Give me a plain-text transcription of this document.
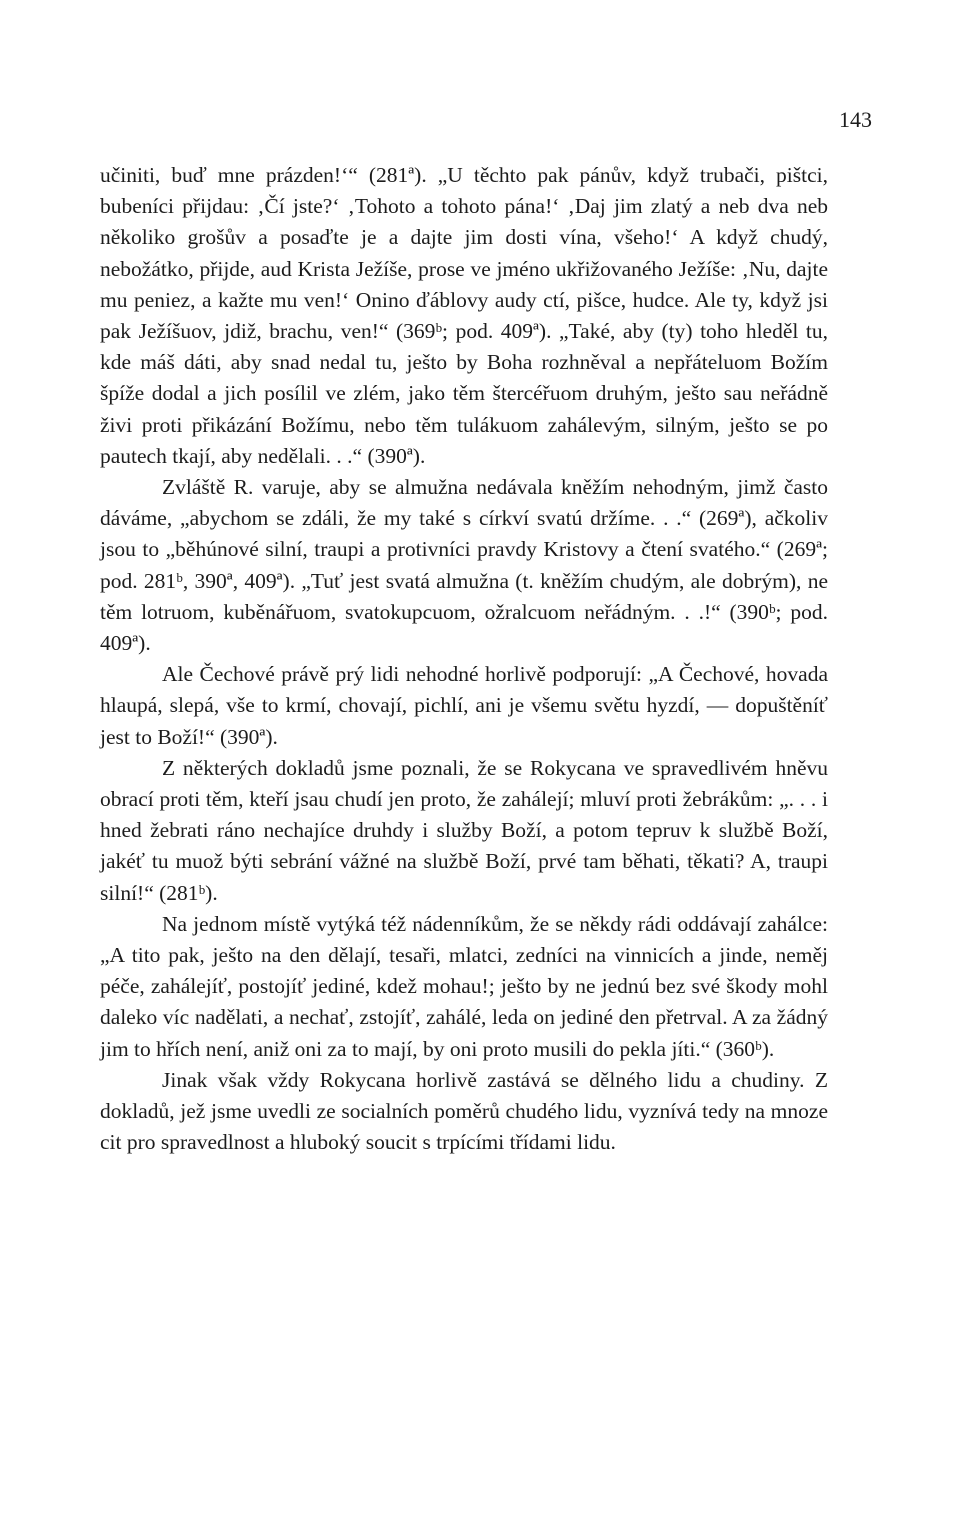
143

učiniti, buď mne prázden!‘“ (281ª). „U těchto pak pánův, když trubači, pištci, bubeníci přijdau: ‚Čí jste?‘ ‚Tohoto a tohoto pána!‘ ‚Daj jim zlatý a neb dva neb několiko grošův a posaďte je a dajte jim dosti vína, všeho!‘ A když chudý, nebožátko, přijde, aud Krista Ježíše, prose ve jméno ukřižovaného Ježíše: ‚Nu, dajte mu peniez, a kažte mu ven!‘ Onino ďáblovy audy ctí, pišce, hudce. Ale ty, když jsi pak Ježíšuov, jdiž, brachu, ven!“ (369ᵇ; pod. 409ª). „Také, aby (ty) toho hleděl tu, kde máš dáti, aby snad nedal tu, ješto by Boha rozhněval a nepřáteluom Božím špíže dodal a jich posílil ve zlém, jako těm štercéřuom druhým, ješto sau neřádně živi proti přikázání Božímu, nebo těm tulákuom zahálevým, silným, ješto se po pautech tkají, aby nedělali. . .“ (390ª).

Zvláště R. varuje, aby se almužna nedávala kněžím nehodným, jimž často dáváme, „abychom se zdáli, že my také s církví svatú držíme. . .“ (269ª), ačkoliv jsou to „běhúnové silní, traupi a protivníci pravdy Kristovy a čtení svatého.“ (269ª; pod. 281ᵇ, 390ª, 409ª). „Tuť jest svatá almužna (t. kněžím chudým, ale dobrým), ne těm lotruom, kuběnářuom, svatokupcuom, ožralcuom neřádným. . .!“ (390ᵇ; pod. 409ª).

Ale Čechové právě prý lidi nehodné horlivě podporují: „A Čechové, hovada hlaupá, slepá, vše to krmí, chovají, pichlí, ani je všemu světu hyzdí, — dopuštěníť jest to Boží!“ (390ª).

Z některých dokladů jsme poznali, že se Rokycana ve spravedlivém hněvu obrací proti těm, kteří jsau chudí jen proto, že zahálejí; mluví proti žebrákům: „. . . i hned žebrati ráno nechajíce druhdy i služby Boží, a potom tepruv k službě Boží, jakéť tu muož býti sebrání vážné na službě Boží, prvé tam běhati, těkati? A, traupi silní!“ (281ᵇ).

Na jednom místě vytýká též nádenníkům, že se někdy rádi oddávají zahálce: „A tito pak, ješto na den dělají, tesaři, mlatci, zedníci na vinnicích a jinde, neměj péče, zahálejíť, postojíť jediné, kdež mohau!; ješto by ne jednú bez své škody mohl daleko víc nadělati, a nechať, zstojíť, zahálé, leda on jediné den přetrval. A za žádný jim to hřích není, aniž oni za to mají, by oni proto musili do pekla jíti.“ (360ᵇ).

Jinak však vždy Rokycana horlivě zastává se dělného lidu a chudiny. Z dokladů, jež jsme uvedli ze socialních poměrů chudého lidu, vyznívá tedy na mnoze cit pro spravedlnost a hluboký soucit s trpícími třídami lidu.
